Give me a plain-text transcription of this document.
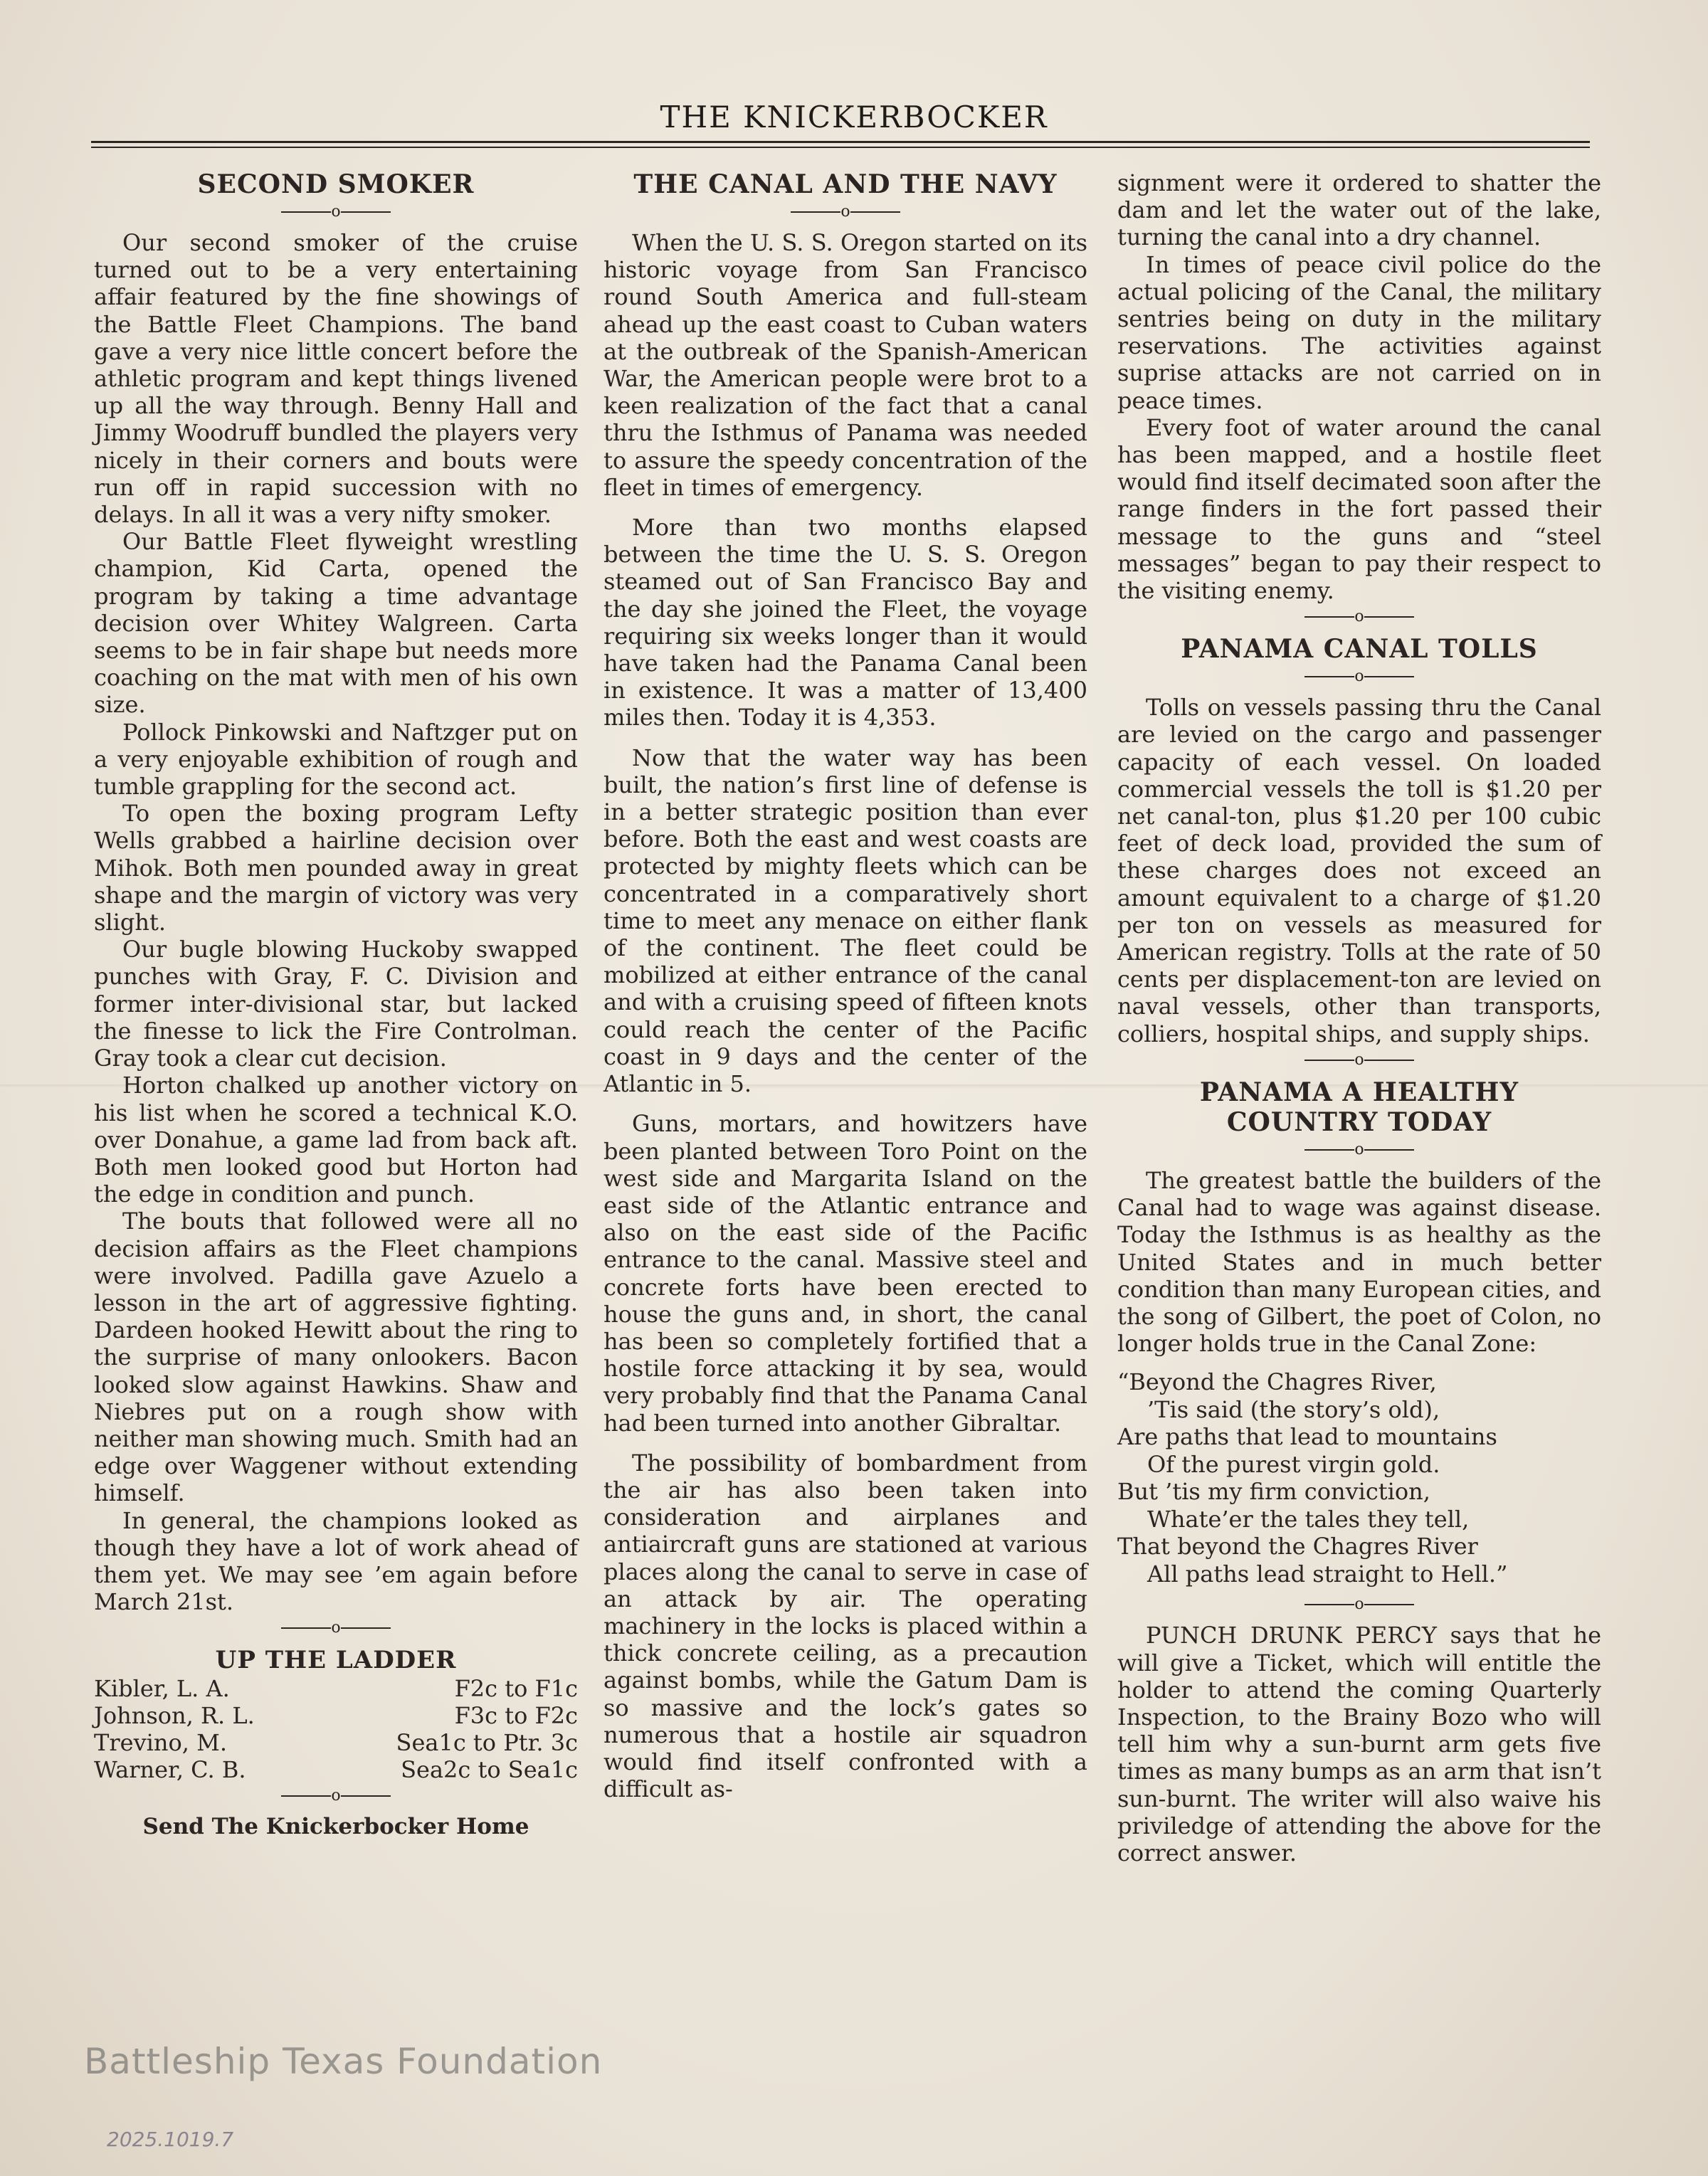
THE KNICKERBOCKER
SECOND SMOKER
o

Our second smoker of the cruise turned out to be a very entertaining affair featured by the fine showings of the Battle Fleet Champions. The band gave a very nice little concert before the athletic program and kept things livened up all the way through. Benny Hall and Jimmy Woodruff bundled the players very nicely in their corners and bouts were run off in rapid succession with no delays. In all it was a very nifty smoker.

Our Battle Fleet flyweight wrestling champion, Kid Carta, opened the program by taking a time advantage decision over Whitey Walgreen. Carta seems to be in fair shape but needs more coaching on the mat with men of his own size.

Pollock Pinkowski and Naftzger put on a very enjoyable exhibition of rough and tumble grappling for the second act.

To open the boxing program Lefty Wells grabbed a hairline decision over Mihok. Both men pounded away in great shape and the margin of victory was very slight.

Our bugle blowing Huckoby swapped punches with Gray, F. C. Division and former inter-divisional star, but lacked the finesse to lick the Fire Controlman. Gray took a clear cut decision.

Horton chalked up another victory on his list when he scored a technical K.O. over Donahue, a game lad from back aft. Both men looked good but Horton had the edge in condition and punch.

The bouts that followed were all no decision affairs as the Fleet champions were involved. Padilla gave Azuelo a lesson in the art of aggressive fighting. Dardeen hooked Hewitt about the ring to the surprise of many onlookers. Bacon looked slow against Hawkins. Shaw and Niebres put on a rough show with neither man showing much. Smith had an edge over Waggener without extending himself.

In general, the champions looked as though they have a lot of work ahead of them yet. We may see ’em again before March 21st.

o
UP THE LADDER
Kibler, L. A.	F2c to F1c
Johnson, R. L.	F3c to F2c
Trevino, M.	Sea1c to Ptr. 3c
Warner, C. B.	Sea2c to Sea1c
o
Send The Knickerbocker Home
THE CANAL AND THE NAVY
o

When the U. S. S. Oregon started on its historic voyage from San Francisco round South America and full-steam ahead up the east coast to Cuban waters at the outbreak of the Spanish-American War, the American people were brot to a keen realization of the fact that a canal thru the Isthmus of Panama was needed to assure the speedy concentration of the fleet in times of emergency.

More than two months elapsed between the time the U. S. S. Oregon steamed out of San Francisco Bay and the day she joined the Fleet, the voyage requiring six weeks longer than it would have taken had the Panama Canal been in existence. It was a matter of 13,400 miles then. Today it is 4,353.

Now that the water way has been built, the nation’s first line of defense is in a better strategic position than ever before. Both the east and west coasts are protected by mighty fleets which can be concentrated in a comparatively short time to meet any menace on either flank of the continent. The fleet could be mobilized at either entrance of the canal and with a cruising speed of fifteen knots could reach the center of the Pacific coast in 9 days and the center of the Atlantic in 5.

Guns, mortars, and howitzers have been planted between Toro Point on the west side and Margarita Island on the east side of the Atlantic entrance and also on the east side of the Pacific entrance to the canal. Massive steel and concrete forts have been erected to house the guns and, in short, the canal has been so completely fortified that a hostile force attacking it by sea, would very probably find that the Panama Canal had been turned into another Gibraltar.

The possibility of bombardment from the air has also been taken into consideration and airplanes and antiaircraft guns are stationed at various places along the canal to serve in case of an attack by air. The operating machinery in the locks is placed within a thick concrete ceiling, as a precaution against bombs, while the Gatum Dam is so massive and the lock’s gates so numerous that a hostile air squadron would find itself confronted with a difficult as-

signment were it ordered to shatter the dam and let the water out of the lake, turning the canal into a dry channel.

In times of peace civil police do the actual policing of the Canal, the military sentries being on duty in the military reservations. The activities against suprise attacks are not carried on in peace times.

Every foot of water around the canal has been mapped, and a hostile fleet would find itself decimated soon after the range finders in the fort passed their message to the guns and “steel messages” began to pay their respect to the visiting enemy.

o
PANAMA CANAL TOLLS
o

Tolls on vessels passing thru the Canal are levied on the cargo and passenger capacity of each vessel. On loaded commercial vessels the toll is $1.20 per net canal-ton, plus $1.20 per 100 cubic feet of deck load, provided the sum of these charges does not exceed an amount equivalent to a charge of $1.20 per ton on vessels as measured for American registry. Tolls at the rate of 50 cents per displacement-ton are levied on naval vessels, other than transports, colliers, hospital ships, and supply ships.

o
PANAMA A HEALTHY
COUNTRY TODAY
o

The greatest battle the builders of the Canal had to wage was against disease. Today the Isthmus is as healthy as the United States and in much better condition than many European cities, and the song of Gilbert, the poet of Colon, no longer holds true in the Canal Zone:

“Beyond the Chagres River,
’Tis said (the story’s old),
Are paths that lead to mountains
Of the purest virgin gold.
But ’tis my firm conviction,
Whate’er the tales they tell,
That beyond the Chagres River
All paths lead straight to Hell.”
o

PUNCH DRUNK PERCY says that he will give a Ticket, which will entitle the holder to attend the coming Quarterly Inspection, to the Brainy Bozo who will tell him why a sun-burnt arm gets five times as many bumps as an arm that isn’t sun-burnt. The writer will also waive his priviledge of attending the above for the correct answer.

Battleship Texas Foundation
2025.1019.7
